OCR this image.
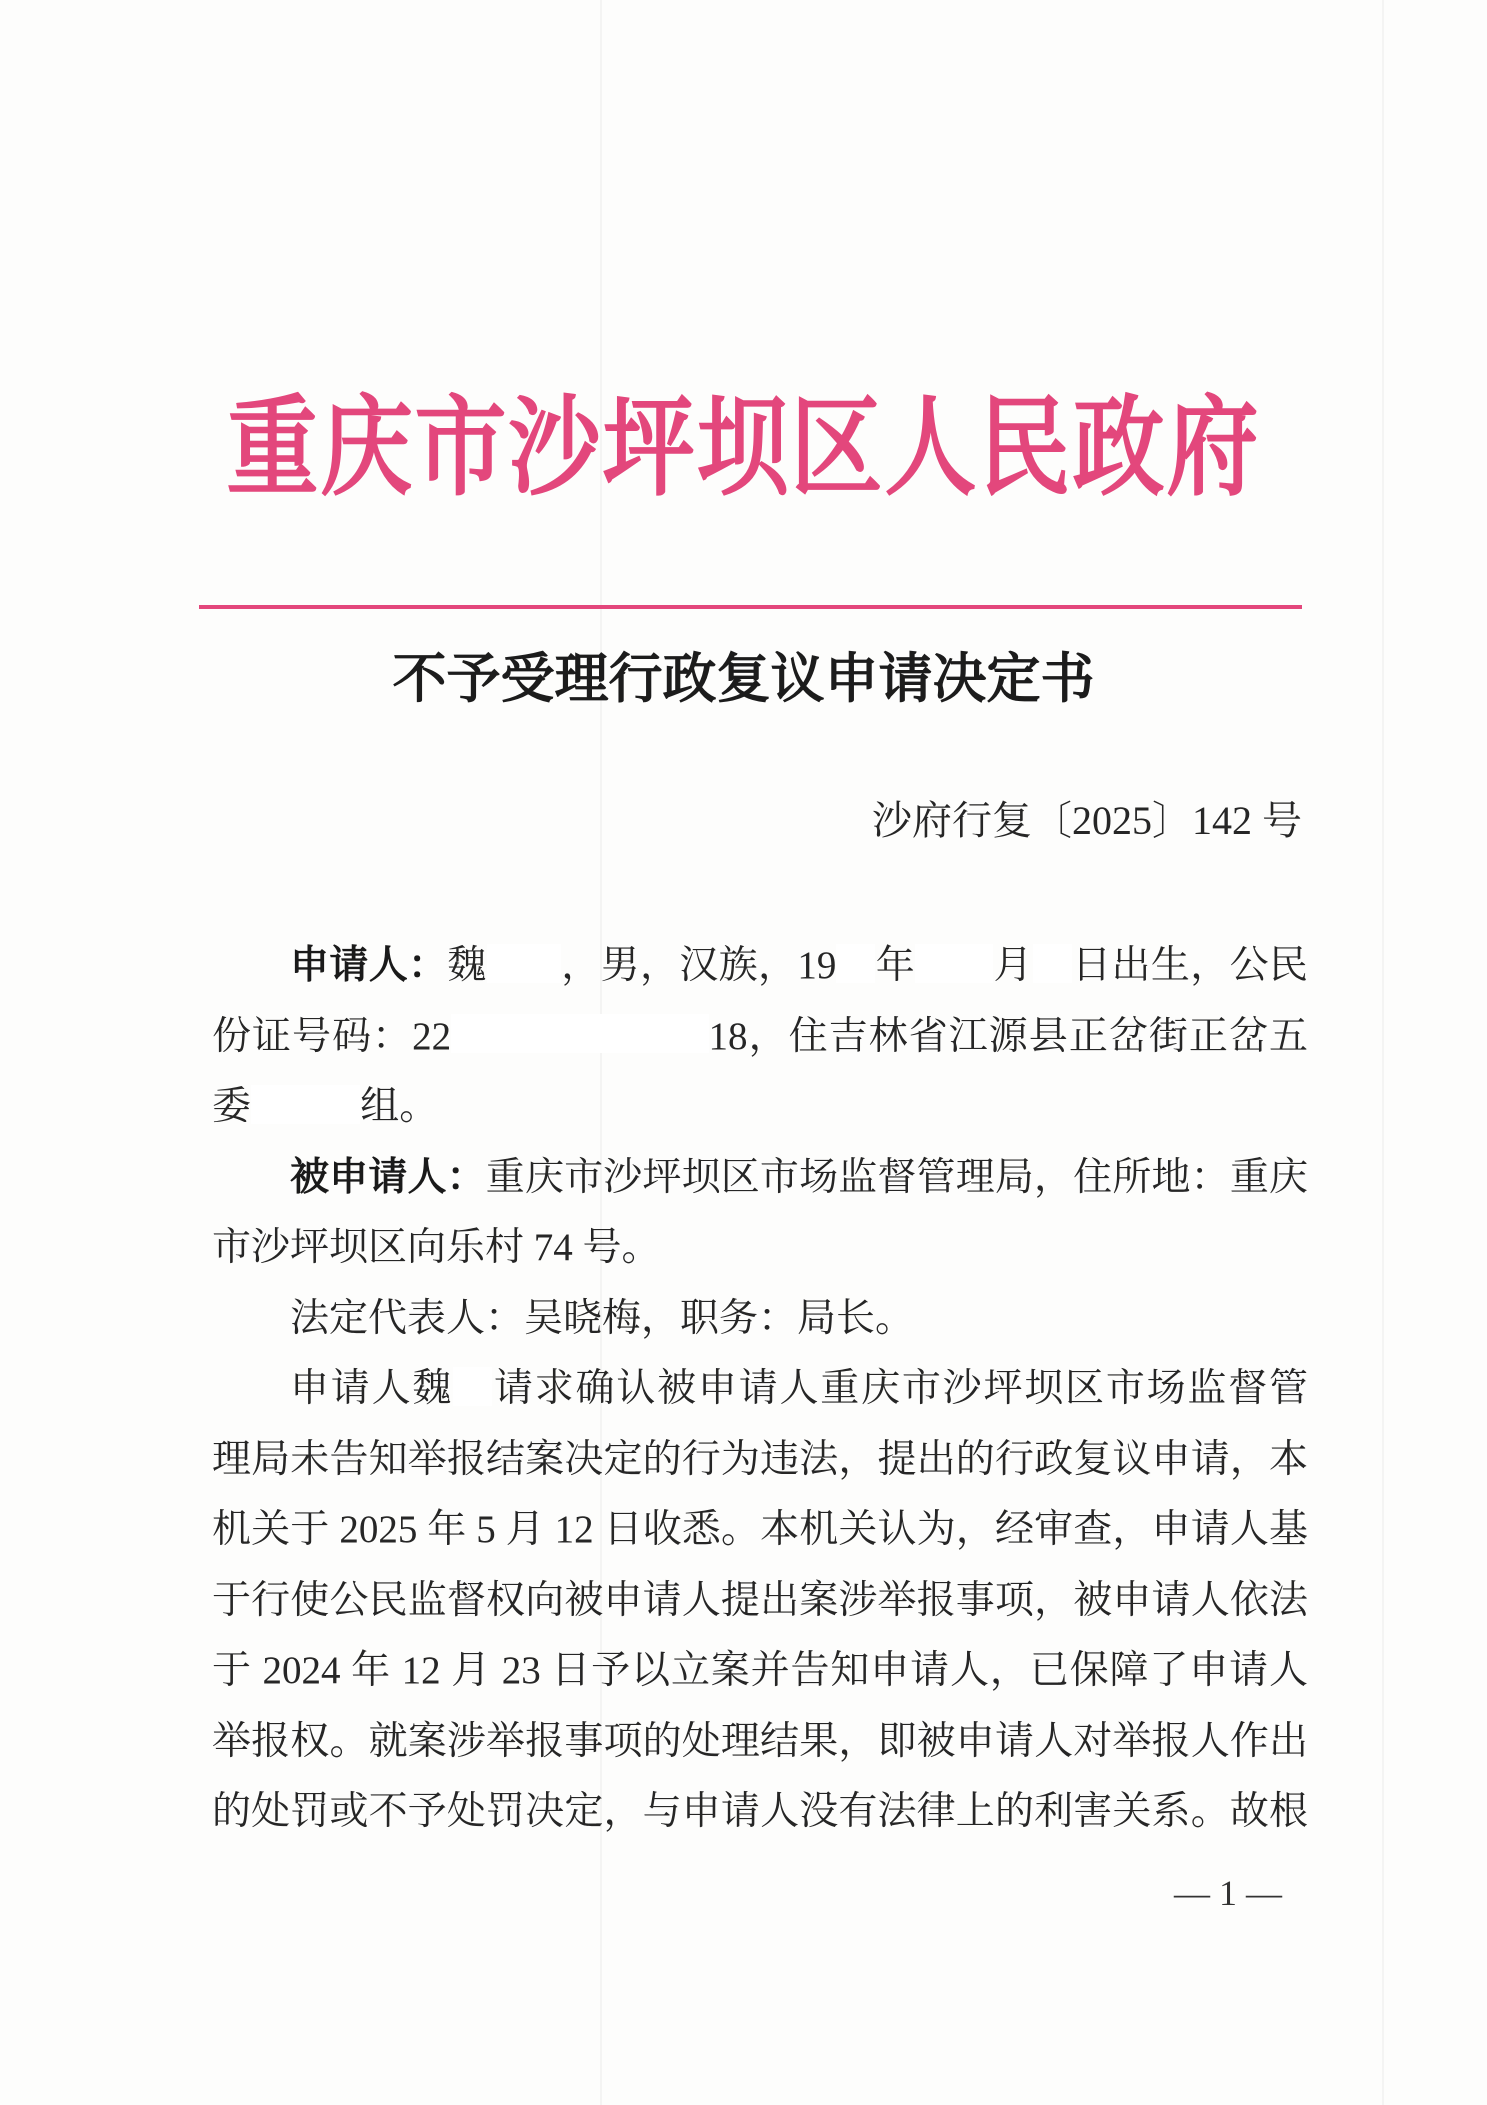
重庆市沙坪坝区人民政府
不予受理行政复议申请决定书
沙府行复〔2025〕142 号
申请人：魏 ，男，汉族，19 年 月 日出生，公民
份证号码：22	18，住吉林省江源县正岔街正岔五
委	组。
被申请人：重庆市沙坪坝区市场监督管理局，住所地：重庆
市沙坪坝区向乐村 74 号。
法定代表人：吴晓梅，职务：局长。
申请人魏 请求确认被申请人重庆市沙坪坝区市场监督管
理局未告知举报结案决定的行为违法，提出的行政复议申请，本
机关于 2025 年 5 月 12 日收悉。本机关认为，经审查，申请人基
于行使公民监督权向被申请人提出案涉举报事项，被申请人依法
于 2024 年 12 月 23 日予以立案并告知申请人，已保障了申请人
举报权。就案涉举报事项的处理结果，即被申请人对举报人作出
的处罚或不予处罚决定，与申请人没有法律上的利害关系。故根
— 1 —
